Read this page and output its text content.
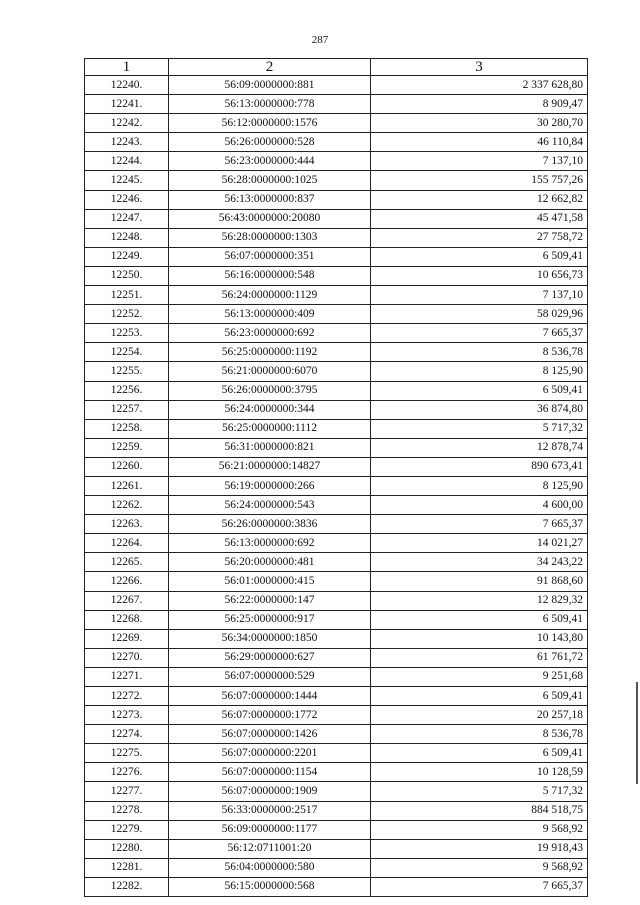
287
1	2	3
12240.	56:09:0000000:881	2 337 628,80
12241.	56:13:0000000:778	8 909,47
12242.	56:12:0000000:1576	30 280,70
12243.	56:26:0000000:528	46 110,84
12244.	56:23:0000000:444	7 137,10
12245.	56:28:0000000:1025	155 757,26
12246.	56:13:0000000:837	12 662,82
12247.	56:43:0000000:20080	45 471,58
12248.	56:28:0000000:1303	27 758,72
12249.	56:07:0000000:351	6 509,41
12250.	56:16:0000000:548	10 656,73
12251.	56:24:0000000:1129	7 137,10
12252.	56:13:0000000:409	58 029,96
12253.	56:23:0000000:692	7 665,37
12254.	56:25:0000000:1192	8 536,78
12255.	56:21:0000000:6070	8 125,90
12256.	56:26:0000000:3795	6 509,41
12257.	56:24:0000000:344	36 874,80
12258.	56:25:0000000:1112	5 717,32
12259.	56:31:0000000:821	12 878,74
12260.	56:21:0000000:14827	890 673,41
12261.	56:19:0000000:266	8 125,90
12262.	56:24:0000000:543	4 600,00
12263.	56:26:0000000:3836	7 665,37
12264.	56:13:0000000:692	14 021,27
12265.	56:20:0000000:481	34 243,22
12266.	56:01:0000000:415	91 868,60
12267.	56:22:0000000:147	12 829,32
12268.	56:25:0000000:917	6 509,41
12269.	56:34:0000000:1850	10 143,80
12270.	56:29:0000000:627	61 761,72
12271.	56:07:0000000:529	9 251,68
12272.	56:07:0000000:1444	6 509,41
12273.	56:07:0000000:1772	20 257,18
12274.	56:07:0000000:1426	8 536,78
12275.	56:07:0000000:2201	6 509,41
12276.	56:07:0000000:1154	10 128,59
12277.	56:07:0000000:1909	5 717,32
12278.	56:33:0000000:2517	884 518,75
12279.	56:09:0000000:1177	9 568,92
12280.	56:12:0711001:20	19 918,43
12281.	56:04:0000000:580	9 568,92
12282.	56:15:0000000:568	7 665,37
